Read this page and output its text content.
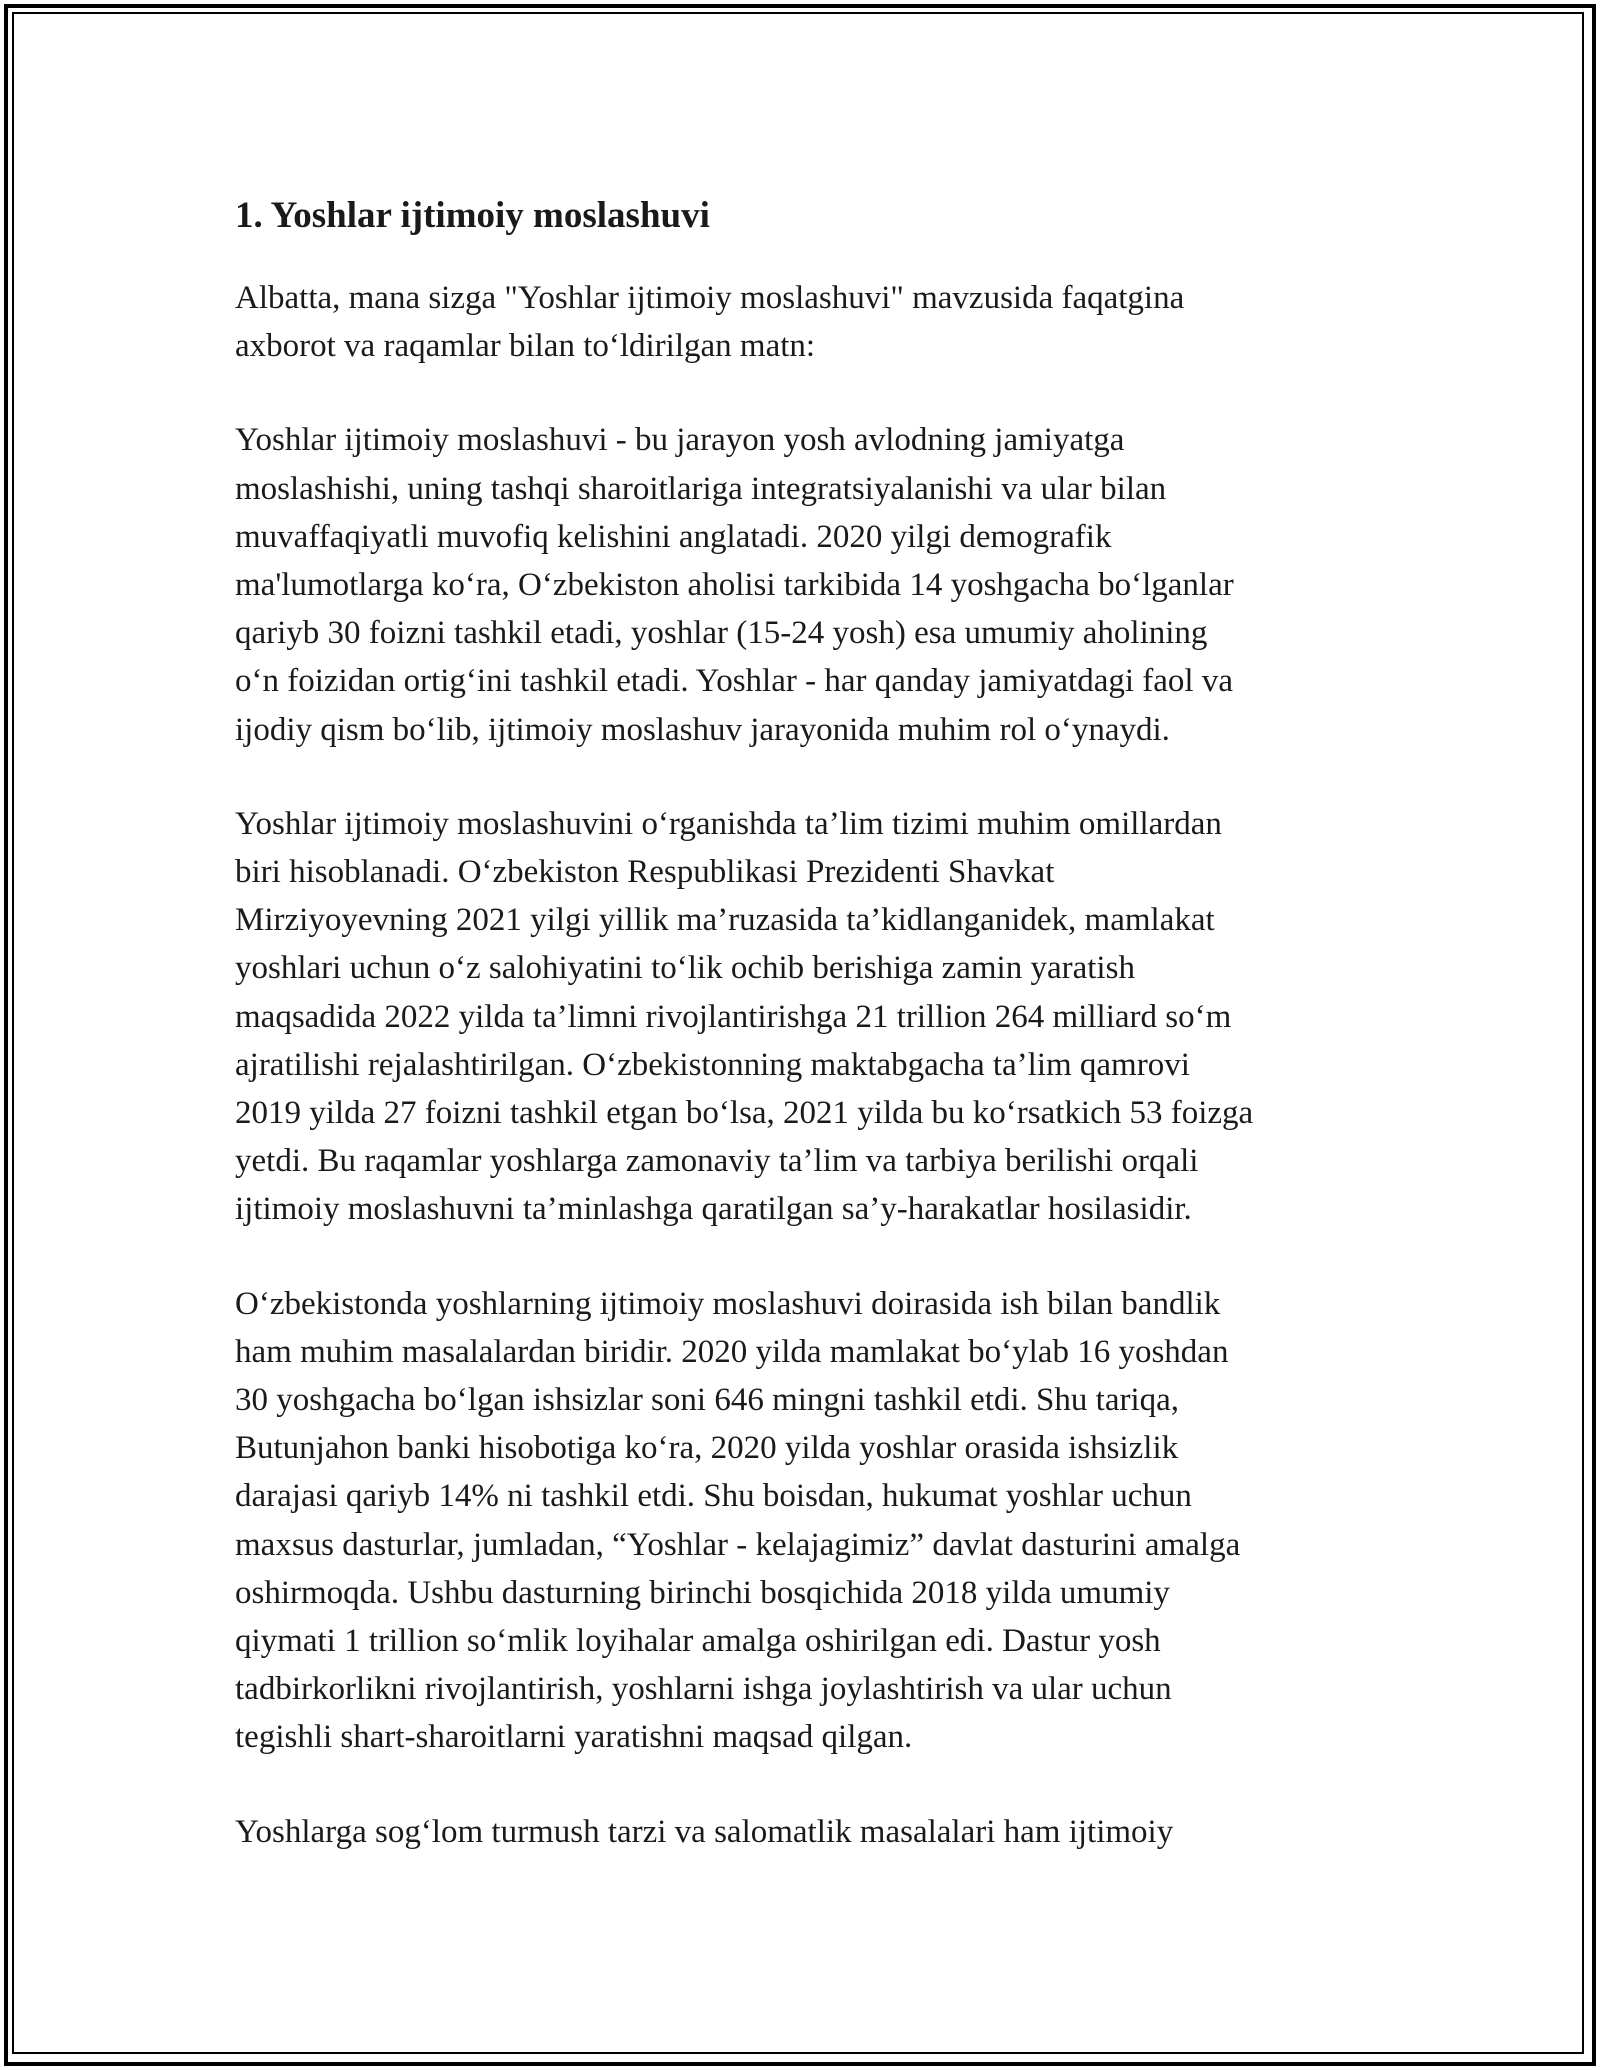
1. Yoshlar ijtimoiy moslashuvi

Albatta, mana sizga "Yoshlar ijtimoiy moslashuvi" mavzusida faqatgina
axborot va raqamlar bilan to‘ldirilgan matn:

Yoshlar ijtimoiy moslashuvi - bu jarayon yosh avlodning jamiyatga
moslashishi, uning tashqi sharoitlariga integratsiyalanishi va ular bilan
muvaffaqiyatli muvofiq kelishini anglatadi. 2020 yilgi demografik
ma'lumotlarga ko‘ra, O‘zbekiston aholisi tarkibida 14 yoshgacha bo‘lganlar
qariyb 30 foizni tashkil etadi, yoshlar (15-24 yosh) esa umumiy aholining
o‘n foizidan ortig‘ini tashkil etadi. Yoshlar - har qanday jamiyatdagi faol va
ijodiy qism bo‘lib, ijtimoiy moslashuv jarayonida muhim rol o‘ynaydi.

Yoshlar ijtimoiy moslashuvini o‘rganishda ta’lim tizimi muhim omillardan
biri hisoblanadi. O‘zbekiston Respublikasi Prezidenti Shavkat
Mirziyoyevning 2021 yilgi yillik ma’ruzasida ta’kidlanganidek, mamlakat
yoshlari uchun o‘z salohiyatini to‘lik ochib berishiga zamin yaratish
maqsadida 2022 yilda ta’limni rivojlantirishga 21 trillion 264 milliard so‘m
ajratilishi rejalashtirilgan. O‘zbekistonning maktabgacha ta’lim qamrovi
2019 yilda 27 foizni tashkil etgan bo‘lsa, 2021 yilda bu ko‘rsatkich 53 foizga
yetdi. Bu raqamlar yoshlarga zamonaviy ta’lim va tarbiya berilishi orqali
ijtimoiy moslashuvni ta’minlashga qaratilgan sa’y-harakatlar hosilasidir.

O‘zbekistonda yoshlarning ijtimoiy moslashuvi doirasida ish bilan bandlik
ham muhim masalalardan biridir. 2020 yilda mamlakat bo‘ylab 16 yoshdan
30 yoshgacha bo‘lgan ishsizlar soni 646 mingni tashkil etdi. Shu tariqa,
Butunjahon banki hisobotiga ko‘ra, 2020 yilda yoshlar orasida ishsizlik
darajasi qariyb 14% ni tashkil etdi. Shu boisdan, hukumat yoshlar uchun
maxsus dasturlar, jumladan, “Yoshlar - kelajagimiz” davlat dasturini amalga
oshirmoqda. Ushbu dasturning birinchi bosqichida 2018 yilda umumiy
qiymati 1 trillion so‘mlik loyihalar amalga oshirilgan edi. Dastur yosh
tadbirkorlikni rivojlantirish, yoshlarni ishga joylashtirish va ular uchun
tegishli shart-sharoitlarni yaratishni maqsad qilgan.

Yoshlarga sog‘lom turmush tarzi va salomatlik masalalari ham ijtimoiy
